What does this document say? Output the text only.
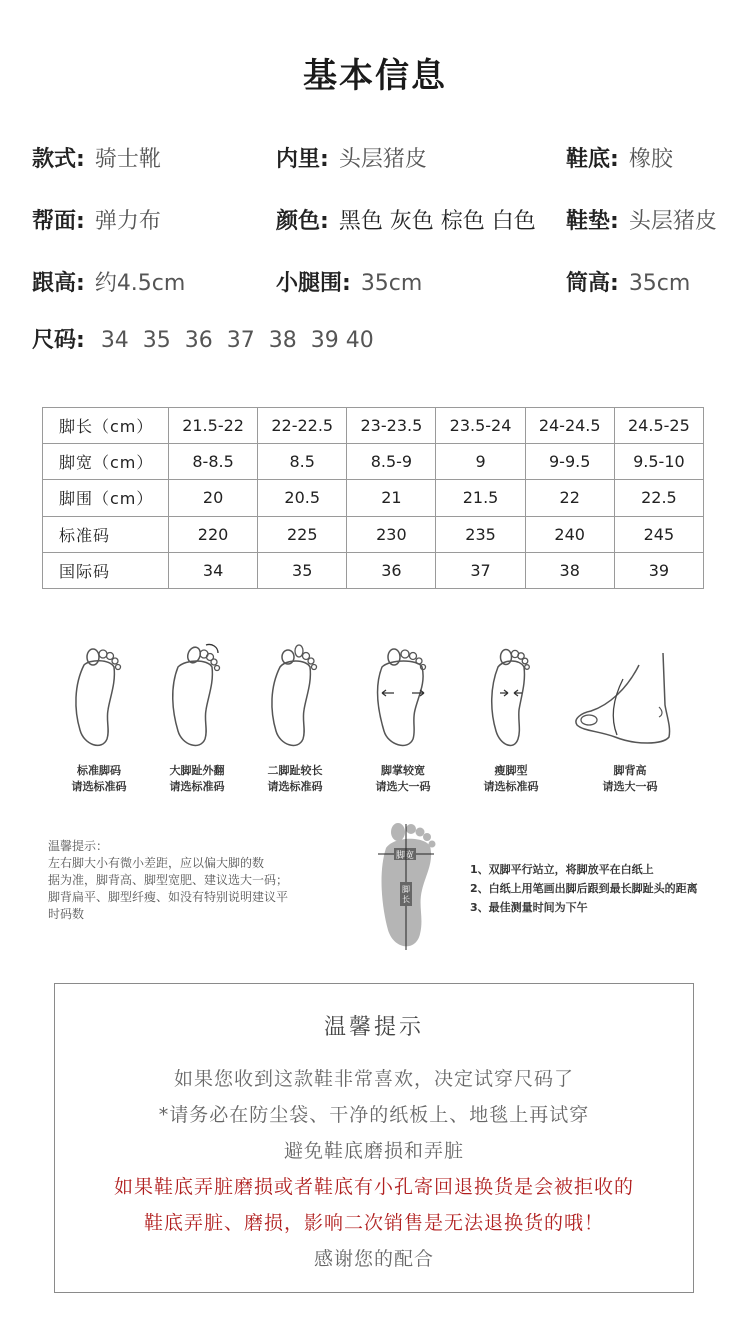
基本信息
款式: 骑士靴	内里: 头层猪皮	鞋底: 橡胶
帮面: 弹力布	颜色: 黑色 灰色 棕色 白色 鞋垫: 头层猪皮
跟高: 约4.5cm	小腿围: 35cm	筒高: 35cm
尺码: 34  35  36  37  38  39 40
脚长（cm）	21.5-22	22-22.5	23-23.5	23.5-24	24-24.5	24.5-25
脚宽（cm）	8-8.5	8.5	8.5-9	9	9-9.5	9.5-10
脚围（cm）	20	20.5	21	21.5	22	22.5
标准码	220	225	230	235	240	245
国际码	34	35	36	37	38	39
标准脚码
请选标准码
大脚趾外翻
请选标准码
二脚趾较长
请选标准码
脚掌较宽
请选大一码
瘦脚型
请选标准码
脚背高
请选大一码
温馨提示：
左右脚大小有微小差距，应以偏大脚的数
据为准，脚背高、脚型宽肥、建议选大一码；
脚背扁平、脚型纤瘦、如没有特别说明建议平
时码数
脚宽
脚
长
1、双脚平行站立，将脚放平在白纸上
2、白纸上用笔画出脚后跟到最长脚趾头的距离
3、最佳测量时间为下午
温馨提示
如果您收到这款鞋非常喜欢，决定试穿尺码了
*请务必在防尘袋、干净的纸板上、地毯上再试穿
避免鞋底磨损和弄脏
如果鞋底弄脏磨损或者鞋底有小孔寄回退换货是会被拒收的
鞋底弄脏、磨损，影响二次销售是无法退换货的哦！
感谢您的配合
